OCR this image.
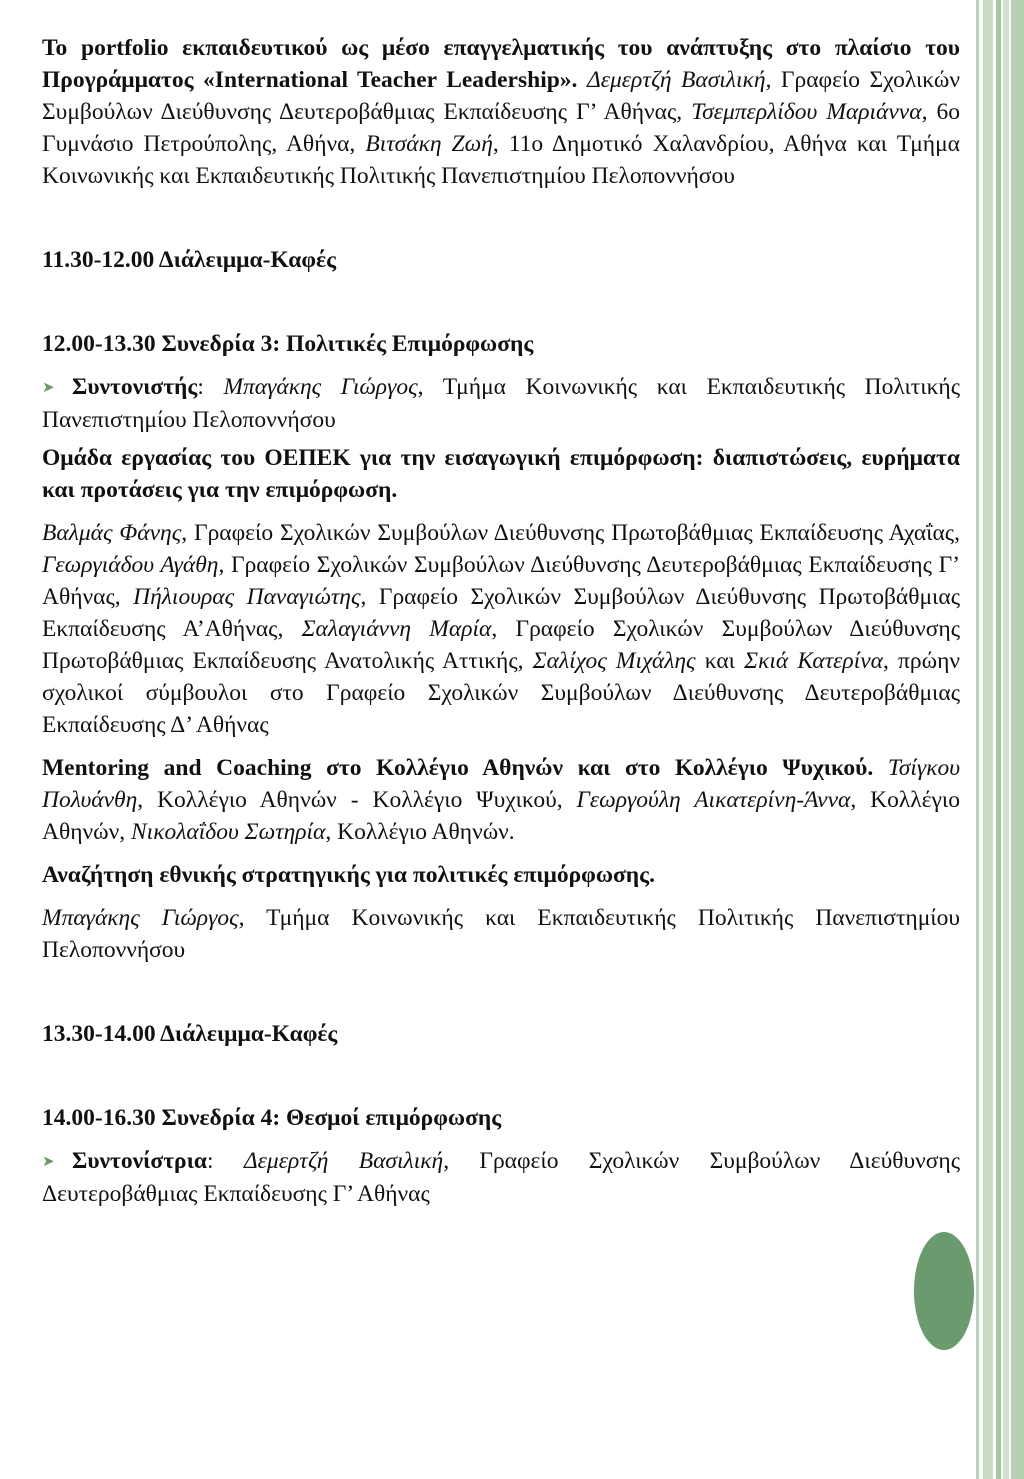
Το portfolio εκπαιδευτικού ως μέσο επαγγελματικής του ανάπτυξης στο πλαίσιο του Προγράμματος «International Teacher Leadership». Δεμερτζή Βασιλική, Γραφείο Σχολικών Συμβούλων Διεύθυνσης Δευτεροβάθμιας Εκπαίδευσης Γ’ Αθήνας, Τσεμπερλίδου Μαριάννα, 6ο Γυμνάσιο Πετρούπολης, Αθήνα, Βιτσάκη Ζωή, 11ο Δημοτικό Χαλανδρίου, Αθήνα και Τμήμα Κοινωνικής και Εκπαιδευτικής Πολιτικής Πανεπιστημίου Πελοποννήσου

11.30-12.00 Διάλειμμα-Καφές

12.00-13.30 Συνεδρία 3: Πολιτικές Επιμόρφωσης

➤ Συντονιστής: Μπαγάκης Γιώργος, Τμήμα Κοινωνικής και Εκπαιδευτικής Πολιτικής Πανεπιστημίου Πελοποννήσου

Ομάδα εργασίας του ΟΕΠΕΚ για την εισαγωγική επιμόρφωση: διαπιστώσεις, ευρήματα και προτάσεις για την επιμόρφωση.

Βαλμάς Φάνης, Γραφείο Σχολικών Συμβούλων Διεύθυνσης Πρωτοβάθμιας Εκπαίδευσης Αχαΐας, Γεωργιάδου Αγάθη, Γραφείο Σχολικών Συμβούλων Διεύθυνσης Δευτεροβάθμιας Εκπαίδευσης Γ’ Αθήνας, Πήλιουρας Παναγιώτης, Γραφείο Σχολικών Συμβούλων Διεύθυνσης Πρωτοβάθμιας Εκπαίδευσης Α’Αθήνας, Σαλαγιάννη Μαρία, Γραφείο Σχολικών Συμβούλων Διεύθυνσης Πρωτοβάθμιας Εκπαίδευσης Ανατολικής Αττικής, Σαλίχος Μιχάλης και Σκιά Κατερίνα, πρώην σχολικοί σύμβουλοι στο Γραφείο Σχολικών Συμβούλων Διεύθυνσης Δευτεροβάθμιας Εκπαίδευσης Δ’ Αθήνας

Mentoring and Coaching στο Κολλέγιο Αθηνών και στο Κολλέγιο Ψυχικού. Τσίγκου Πολυάνθη, Κολλέγιο Αθηνών - Κολλέγιο Ψυχικού, Γεωργούλη Αικατερίνη-Άννα, Κολλέγιο Αθηνών, Νικολαΐδου Σωτηρία, Κολλέγιο Αθηνών.

Αναζήτηση εθνικής στρατηγικής για πολιτικές επιμόρφωσης.

Μπαγάκης Γιώργος, Τμήμα Κοινωνικής και Εκπαιδευτικής Πολιτικής Πανεπιστημίου Πελοποννήσου

13.30-14.00 Διάλειμμα-Καφές

14.00-16.30 Συνεδρία 4: Θεσμοί επιμόρφωσης

➤ Συντονίστρια: Δεμερτζή Βασιλική, Γραφείο Σχολικών Συμβούλων Διεύθυνσης Δευτεροβάθμιας Εκπαίδευσης Γ’ Αθήνας
